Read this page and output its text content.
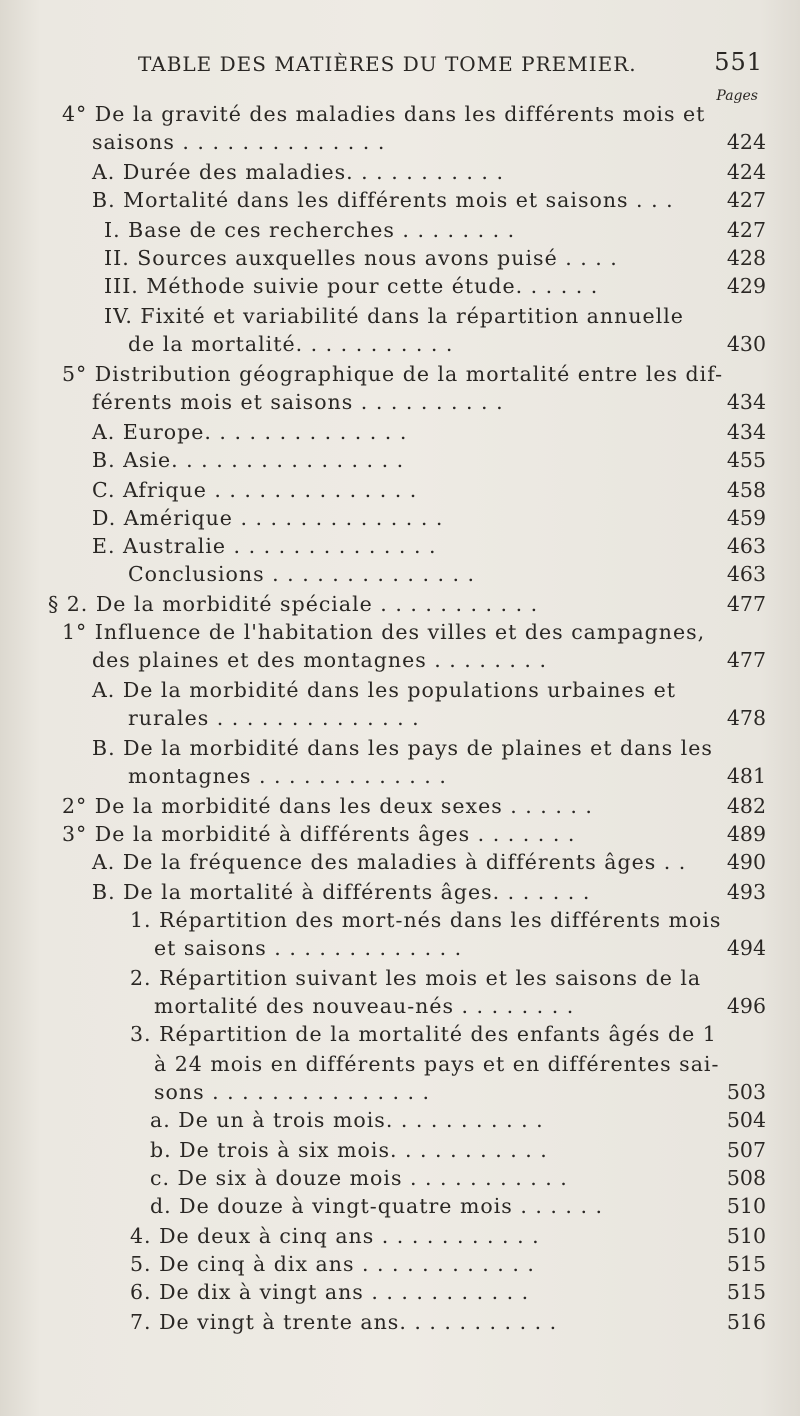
TABLE DES MATIÈRES DU TOME PREMIER.	551
Pages
4° De la gravité des maladies dans les différents mois et
saisons . . . . . . . . . . . . . .	424
A. Durée des maladies. . . . . . . . . . .	424
B. Mortalité dans les différents mois et saisons . . .	427
I. Base de ces recherches . . . . . . . .	427
II. Sources auxquelles nous avons puisé . . . .	428
III. Méthode suivie pour cette étude. . . . . .	429
IV. Fixité et variabilité dans la répartition annuelle
de la mortalité. . . . . . . . . . .	430
5° Distribution géographique de la mortalité entre les dif-
férents mois et saisons . . . . . . . . . .	434
A. Europe. . . . . . . . . . . . . .	434
B. Asie. . . . . . . . . . . . . . . .	455
C. Afrique . . . . . . . . . . . . . .	458
D. Amérique . . . . . . . . . . . . . .	459
E. Australie . . . . . . . . . . . . . .	463
Conclusions . . . . . . . . . . . . . .	463
§ 2. De la morbidité spéciale . . . . . . . . . . .	477
1° Influence de l'habitation des villes et des campagnes,
des plaines et des montagnes . . . . . . . .	477
A. De la morbidité dans les populations urbaines et
rurales . . . . . . . . . . . . . .	478
B. De la morbidité dans les pays de plaines et dans les
montagnes . . . . . . . . . . . . .	481
2° De la morbidité dans les deux sexes . . . . . .	482
3° De la morbidité à différents âges . . . . . . .	489
A. De la fréquence des maladies à différents âges . . 490
B. De la mortalité à différents âges. . . . . . .	493
1. Répartition des mort-nés dans les différents mois
et saisons . . . . . . . . . . . . .	494
2. Répartition suivant les mois et les saisons de la
mortalité des nouveau-nés . . . . . . . .	496
3. Répartition de la mortalité des enfants âgés de 1
à 24 mois en différents pays et en différentes sai-
sons . . . . . . . . . . . . . . .	503
a. De un à trois mois. . . . . . . . . . .	504
b. De trois à six mois. . . . . . . . . . .	507
c. De six à douze mois . . . . . . . . . . .	508
d. De douze à vingt-quatre mois . . . . . .	510
4. De deux à cinq ans . . . . . . . . . . .	510
5. De cinq à dix ans . . . . . . . . . . . .	515
6. De dix à vingt ans . . . . . . . . . . .	515
7. De vingt à trente ans. . . . . . . . . . .	516
